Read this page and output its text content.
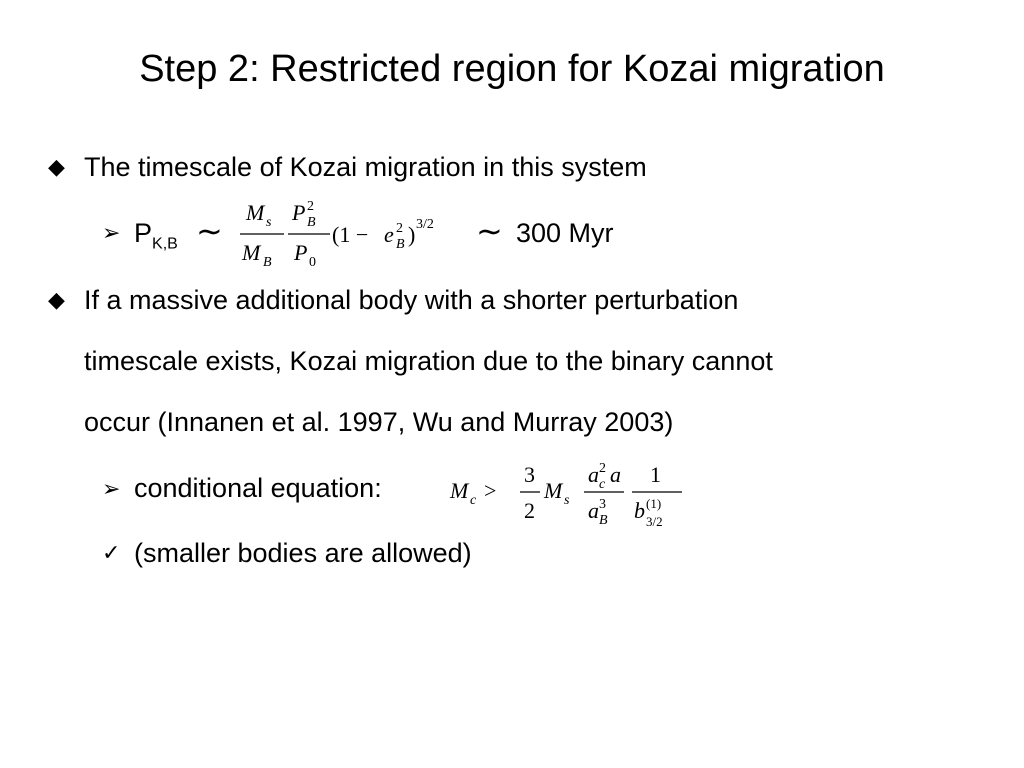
Step 2: Restricted region for Kozai migration
◆ The timescale of Kozai migration in this system
➢ $P_{K,B}$ ∼
M s
M B
P 2
B
P 0
(1 − e 2
B ) 3/2 ∼ 300 Myr
◆ If a massive additional body with a shorter perturbation
timescale exists, Kozai migration due to the binary cannot
occur (Innanen et al. 1997, Wu and Murray 2003)
➢ conditional equation:	M c >
3
2
M s
a 2
c a
a 3
B
1
b (1)
3/2
✓ (smaller bodies are allowed)
